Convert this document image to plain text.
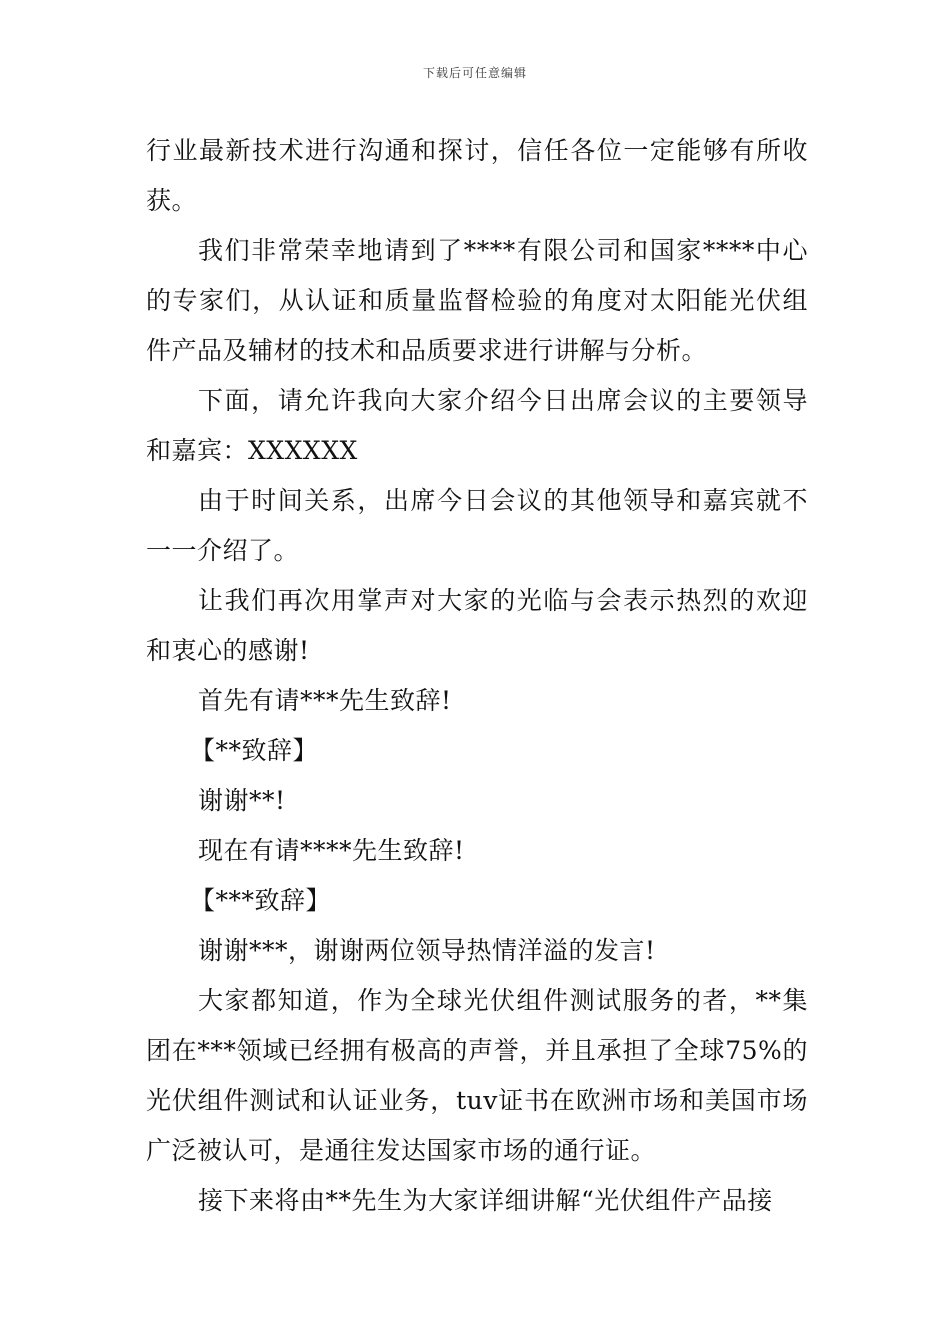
下载后可任意编辑

行业最新技术进行沟通和探讨，信任各位一定能够有所收获。

我们非常荣幸地请到了****有限公司和国家****中心的专家们，从认证和质量监督检验的角度对太阳能光伏组件产品及辅材的技术和品质要求进行讲解与分析。

下面，请允许我向大家介绍今日出席会议的主要领导和嘉宾：XXXXXX

由于时间关系，出席今日会议的其他领导和嘉宾就不一一介绍了。

让我们再次用掌声对大家的光临与会表示热烈的欢迎和衷心的感谢!

首先有请***先生致辞!

【**致辞】

谢谢**!

现在有请****先生致辞!

【***致辞】

谢谢***，谢谢两位领导热情洋溢的发言!

大家都知道，作为全球光伏组件测试服务的者，**集团在***领域已经拥有极高的声誉，并且承担了全球75%的光伏组件测试和认证业务，tuv证书在欧洲市场和美国市场广泛被认可，是通往发达国家市场的通行证。

接下来将由**先生为大家详细讲解“光伏组件产品接
